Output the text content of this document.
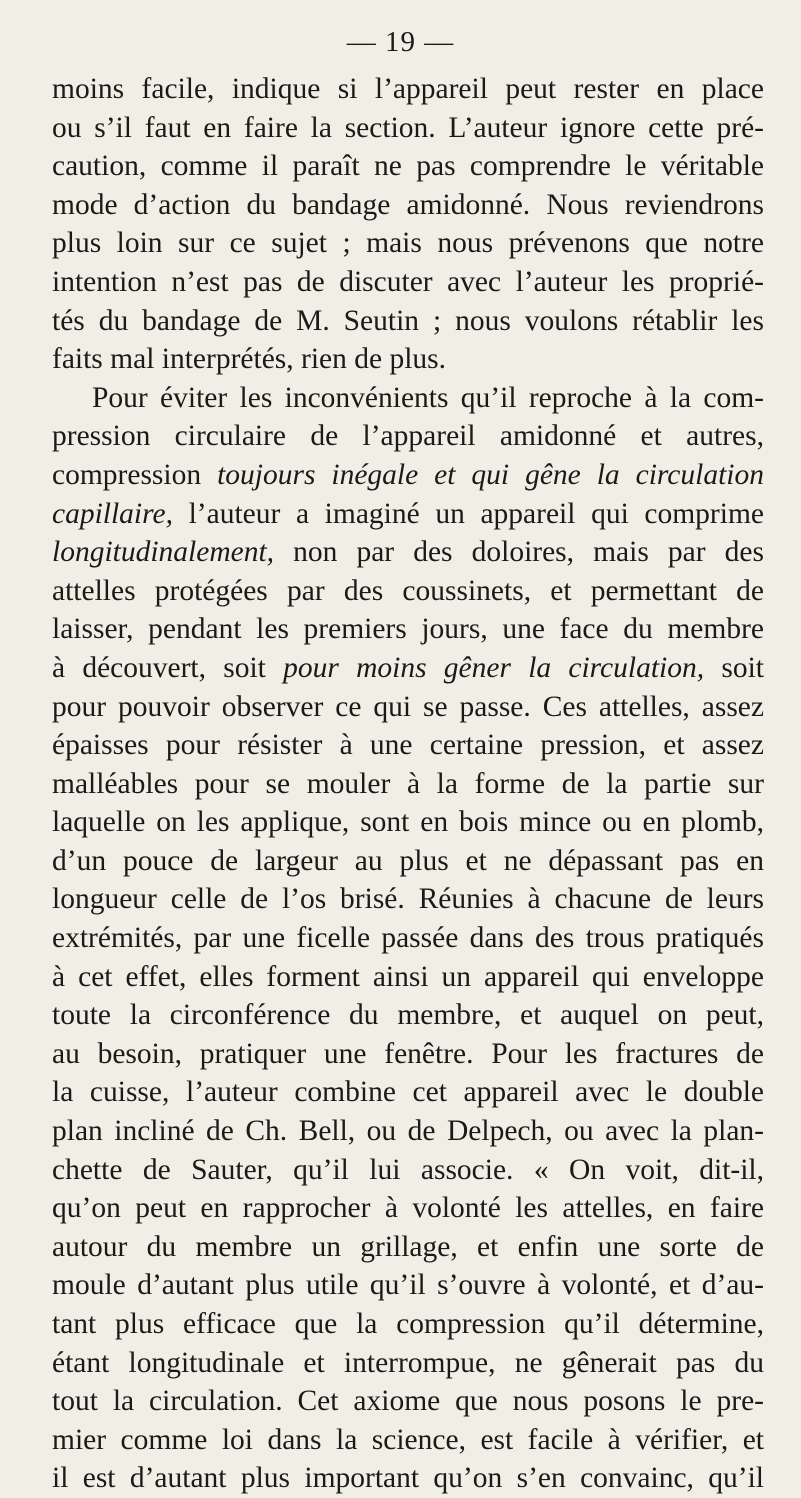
— 19 —
moins facile, indique si l’appareil peut rester en place
ou s’il faut en faire la section. L’auteur ignore cette pré-
caution, comme il paraît ne pas comprendre le véritable
mode d’action du bandage amidonné. Nous reviendrons
plus loin sur ce sujet ; mais nous prévenons que notre
intention n’est pas de discuter avec l’auteur les proprié-
tés du bandage de M. Seutin ; nous voulons rétablir les
faits mal interprétés, rien de plus.
Pour éviter les inconvénients qu’il reproche à la com-
pression circulaire de l’appareil amidonné et autres,
compression toujours inégale et qui gêne la circulation
capillaire, l’auteur a imaginé un appareil qui comprime
longitudinalement, non par des doloires, mais par des
attelles protégées par des coussinets, et permettant de
laisser, pendant les premiers jours, une face du membre
à découvert, soit pour moins gêner la circulation, soit
pour pouvoir observer ce qui se passe. Ces attelles, assez
épaisses pour résister à une certaine pression, et assez
malléables pour se mouler à la forme de la partie sur
laquelle on les applique, sont en bois mince ou en plomb,
d’un pouce de largeur au plus et ne dépassant pas en
longueur celle de l’os brisé. Réunies à chacune de leurs
extrémités, par une ficelle passée dans des trous pratiqués
à cet effet, elles forment ainsi un appareil qui enveloppe
toute la circonférence du membre, et auquel on peut,
au besoin, pratiquer une fenêtre. Pour les fractures de
la cuisse, l’auteur combine cet appareil avec le double
plan incliné de Ch. Bell, ou de Delpech, ou avec la plan-
chette de Sauter, qu’il lui associe. « On voit, dit-il,
qu’on peut en rapprocher à volonté les attelles, en faire
autour du membre un grillage, et enfin une sorte de
moule d’autant plus utile qu’il s’ouvre à volonté, et d’au-
tant plus efficace que la compression qu’il détermine,
étant longitudinale et interrompue, ne gênerait pas du
tout la circulation. Cet axiome que nous posons le pre-
mier comme loi dans la science, est facile à vérifier, et
il est d’autant plus important qu’on s’en convainc, qu’il
